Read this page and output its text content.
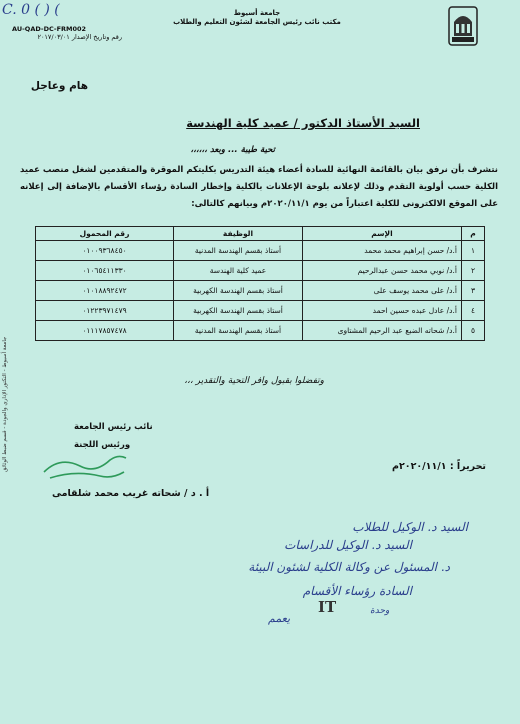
جامعة أسيوط
مكتب نائب رئيس الجامعة لشئون التعليم والطلاب
C. 0 ( ) (
AU-QAD-DC-FRM002
رقم وتاريخ الإصدار ٢٠١٧/٠٣/٠١
هام وعاجل
السيد الأستاذ الدكتور / عميد كلية الهندسة
تحية طيبة ... وبعد ،،،،،،
نتشرف بأن نرفق بيان بالقائمة النهائية للسادة أعضاء هيئة التدريس بكليتكم الموقرة والمتقدمين لشغل منصب عميد الكلية حسب أولوية التقدم وذلك لإعلانه بلوحة الإعلانات بالكلية وإخطار السادة رؤساء الأقسام بالإضافة إلى إعلانه على الموقع الالكترونى للكلية اعتباراً من يوم ٢٠٢٠/١١/١م وبيانهم كالتالى:
جامعة أسيوط - التكتور الإداري والجودة - قسم ضبط الوثائق
م	الإسم	الوظيفة	رقم المحمول
١	أ.د/ حسن إبراهيم محمد محمد	أستاذ بقسم الهندسة المدنية	٠١٠٠٩٣٦٨٤٥٠
٢	أ.د/ نوبي محمد حسن عبدالرحيم	عميد كلية الهندسة	٠١٠٦٥٤١١٣٣٠
٣	أ.د/ على محمد يوسف على	أستاذ بقسم الهندسة الكهربية	٠١٠١٨٨٩٢٤٧٢
٤	أ.د/ عادل عبده حسين احمد	أستاذ بقسم الهندسة الكهربية	٠١٢٢٣٩٧١٤٧٩
٥	أ.د/ شحاته الضبع عبد الرحيم المشتاوى	أستاذ بقسم الهندسة المدنية	٠١١١٧٨٥٧٤٧٨
وتفضلوا بقبول وافر التحية والتقدير ،،،
نائب رئيس الجامعة
ورئيس اللجنة
أ . د / شحاته غريب محمد شلقامى
تحريراً : ٢٠٢٠/١١/١م
السيد د. الوكيل للطلاب
السيد د. الوكيل للدراسات
د. المسئول عن وكالة الكلية لشئون البيئة
السادة رؤساء الأقسام
IT	وحدة
يعمم
